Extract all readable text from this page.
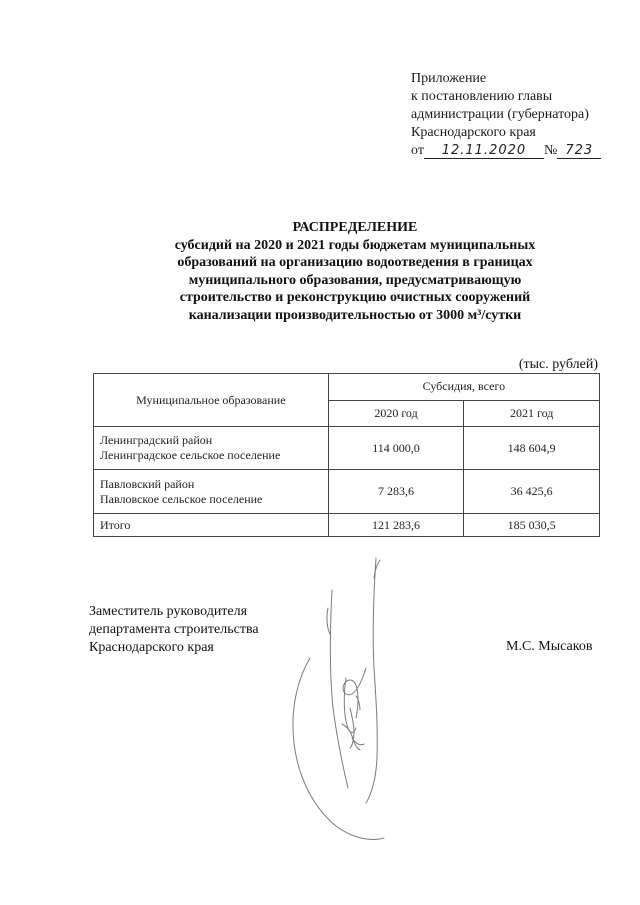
Приложение
к постановлению главы
администрации (губернатора)
Краснодарского края
от 12.11.2020 № 723
РАСПРЕДЕЛЕНИЕ
субсидий на 2020 и 2021 годы бюджетам муниципальных
образований на организацию водоотведения в границах
муниципального образования, предусматривающую
строительство и реконструкцию очистных сооружений
канализации производительностью от 3000 м³/сутки
(тыс. рублей)
Муниципальное образование	Субсидия, всего	
	2020 год	2021 год

Ленинградский район
Ленинградское сельское поселение	114 000,0	148 604,9

Павловский район
Павловское сельское поселение	7 283,6	36 425,6
Итого	121 283,6	185 030,5
Заместитель руководителя
департамента строительства
Краснодарского края	М.С. Мысаков
